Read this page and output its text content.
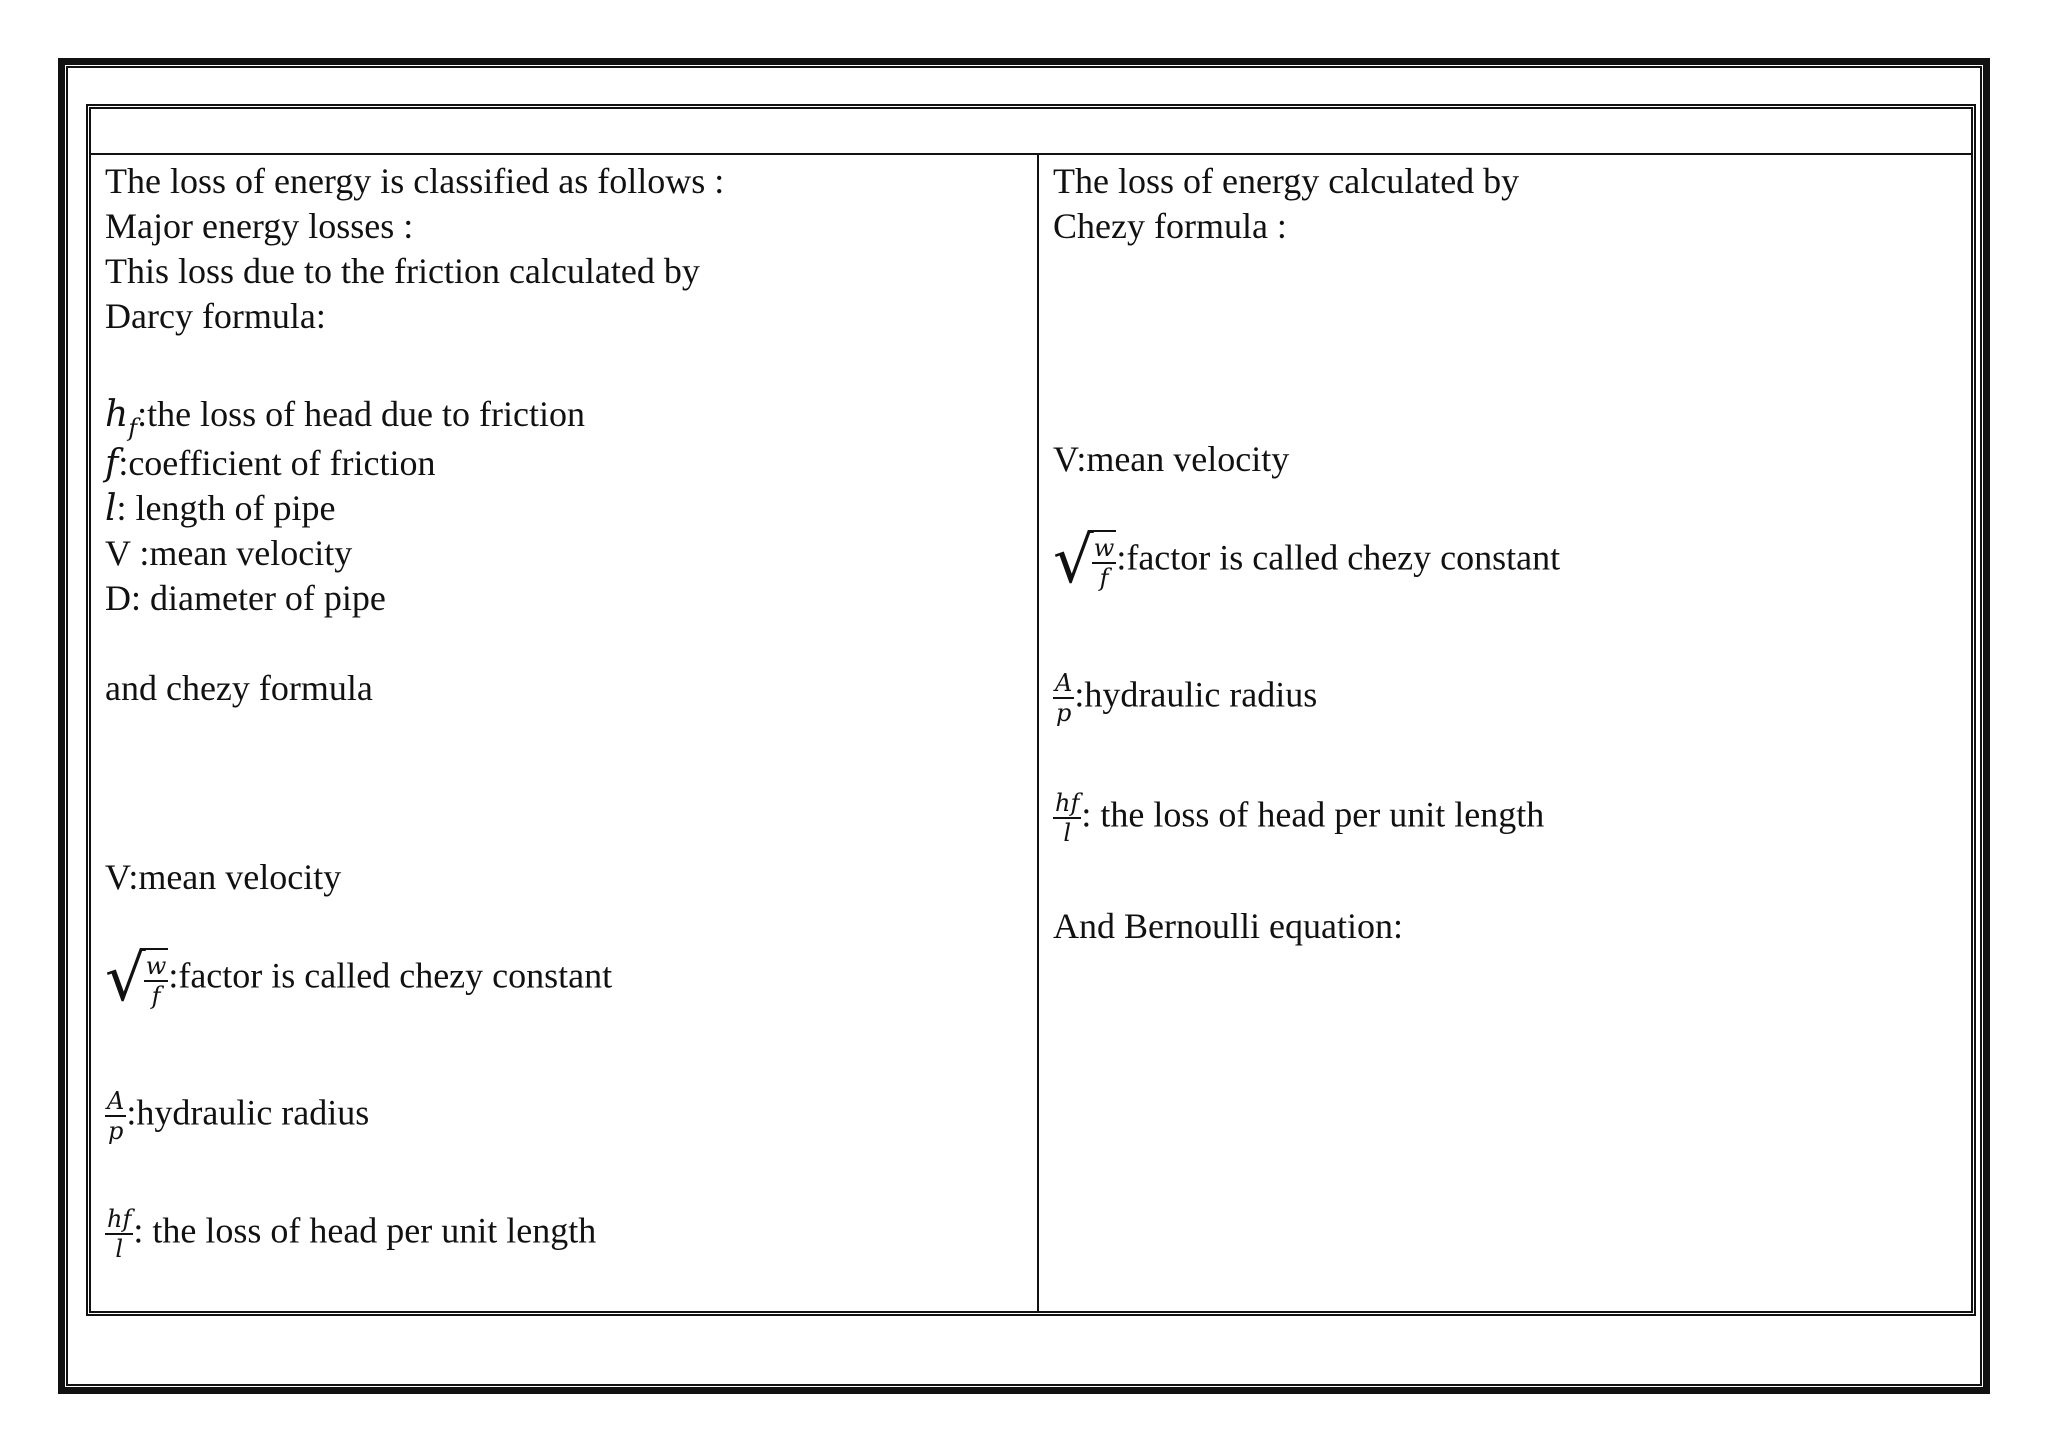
The loss of energy is classified as follows :
Major energy losses :
This loss due to the friction calculated by
Darcy formula:
$h_f:the$ loss of head due to friction
f:coefficient of friction
l: length of pipe
V :mean velocity
D: diameter of pipe
and chezy formula
V:mean velocity
√
$\frac{w}{f}$ :factor is called chezy constant
$\frac{A}{p}$ :hydraulic radius
$\frac{hf}{l}$ : the loss of head per unit length
The loss of energy calculated by
Chezy formula :
V:mean velocity
√
$\frac{w}{f}$ :factor is called chezy constant
$\frac{A}{p}$ :hydraulic radius
$\frac{hf}{l}$ : the loss of head per unit length
And Bernoulli equation:
